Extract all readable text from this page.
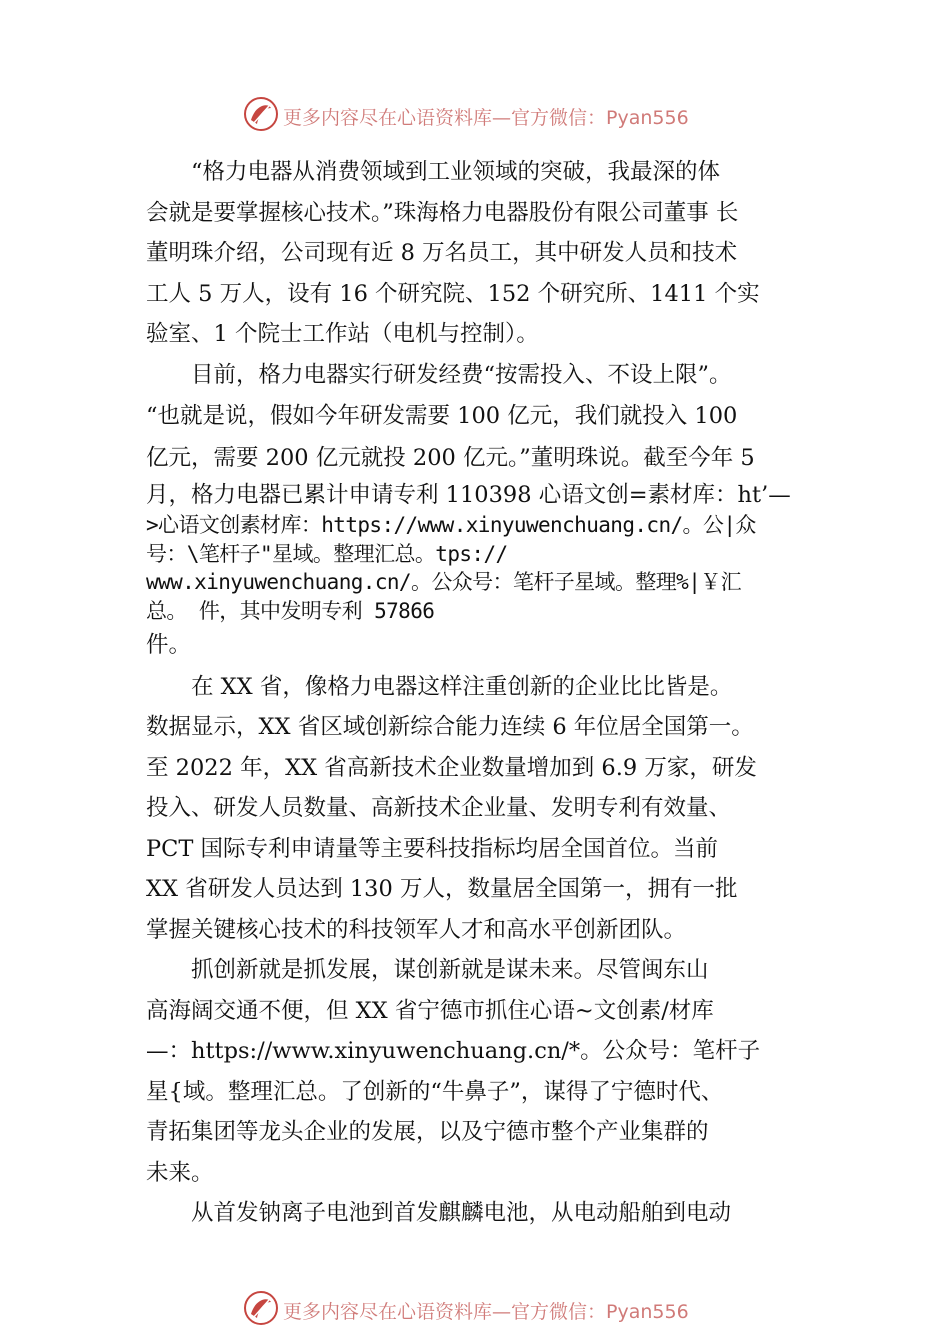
更多内容尽在心语资料库—官方微信：Pyan556
　　“格力电器从消费领域到工业领域的突破，我最深的体
会就是要掌握核心技术。”珠海格力电器股份有限公司董事 长
董明珠介绍，公司现有近 8 万名员工，其中研发人员和技术
工人 5 万人，设有 16 个研究院、152 个研究所、1411 个实
验室、1 个院士工作站（电机与控制）。
　　目前，格力电器实行研发经费“按需投入、不设上限”。
“也就是说，假如今年研发需要 100 亿元，我们就投入 100
亿元，需要 200 亿元就投 200 亿元。”董明珠说。截至今年 5
月，格力电器已累计申请专利 110398 心语文创=素材库：ht’—
>心语文创素材库：https://www.xinyuwenchuang.cn/。公|众
号：\笔杆子"星域。整理汇总。tps://
www.xinyuwenchuang.cn/。公众号：笔杆子星域。整理%|￥汇
总。 件，其中发明专利 57866
件。
　　在 XX 省，像格力电器这样注重创新的企业比比皆是。
数据显示，XX 省区域创新综合能力连续 6 年位居全国第一。
至 2022 年，XX 省高新技术企业数量增加到 6.9 万家，研发
投入、研发人员数量、高新技术企业量、发明专利有效量、
PCT 国际专利申请量等主要科技指标均居全国首位。当前
XX 省研发人员达到 130 万人，数量居全国第一，拥有一批
掌握关键核心技术的科技领军人才和高水平创新团队。
　　抓创新就是抓发展，谋创新就是谋未来。尽管闽东山
高海阔交通不便，但 XX 省宁德市抓住心语~文创素/材库
—：https://www.xinyuwenchuang.cn/*。公众号：笔杆子
星{域。整理汇总。了创新的“牛鼻子”，谋得了宁德时代、
青拓集团等龙头企业的发展，以及宁德市整个产业集群的
未来。
　　从首发钠离子电池到首发麒麟电池，从电动船舶到电动
更多内容尽在心语资料库—官方微信：Pyan556
